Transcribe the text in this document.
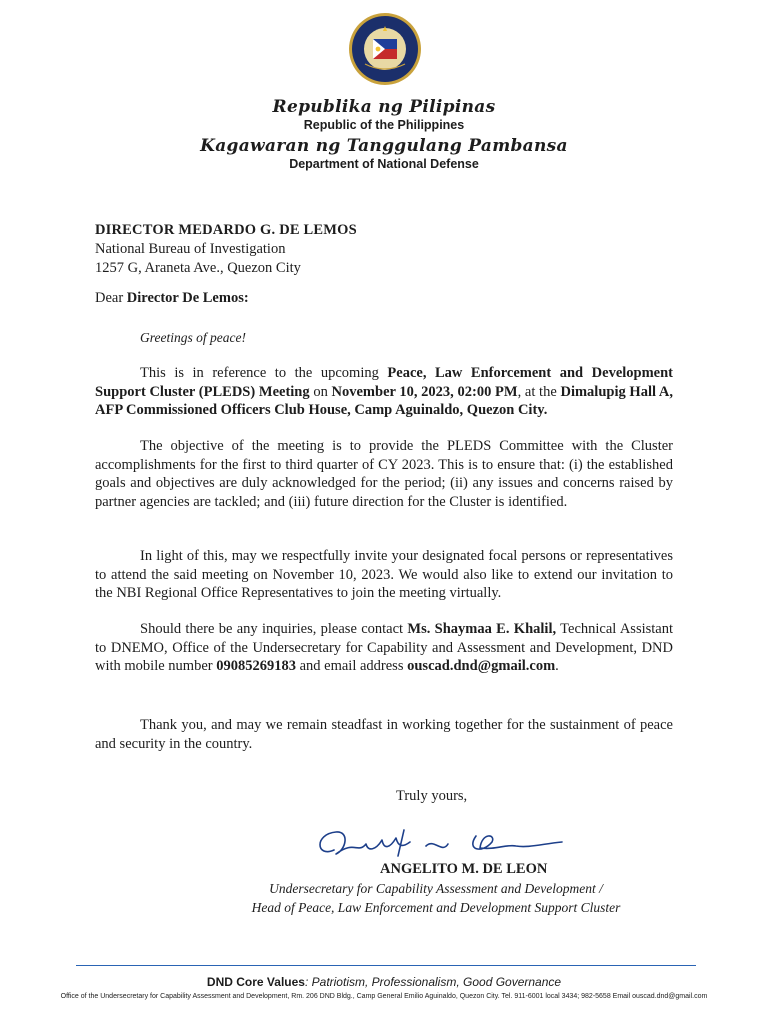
Republika ng Pilipinas
Republic of the Philippines
Kagawaran ng Tanggulang Pambansa
Department of National Defense
DIRECTOR MEDARDO G. DE LEMOS
National Bureau of Investigation
1257 G, Araneta Ave., Quezon City
Dear Director De Lemos:
Greetings of peace!
This is in reference to the upcoming Peace, Law Enforcement and Development Support Cluster (PLEDS) Meeting on November 10, 2023, 02:00 PM, at the Dimalupig Hall A, AFP Commissioned Officers Club House, Camp Aguinaldo, Quezon City.
The objective of the meeting is to provide the PLEDS Committee with the Cluster accomplishments for the first to third quarter of CY 2023. This is to ensure that: (i) the established goals and objectives are duly acknowledged for the period; (ii) any issues and concerns raised by partner agencies are tackled; and (iii) future direction for the Cluster is identified.
In light of this, may we respectfully invite your designated focal persons or representatives to attend the said meeting on November 10, 2023. We would also like to extend our invitation to the NBI Regional Office Representatives to join the meeting virtually.
Should there be any inquiries, please contact Ms. Shaymaa E. Khalil, Technical Assistant to DNEMO, Office of the Undersecretary for Capability and Assessment and Development, DND with mobile number 09085269183 and email address ouscad.dnd@gmail.com.
Thank you, and may we remain steadfast in working together for the sustainment of peace and security in the country.
Truly yours,
ANGELITO M. DE LEON
Undersecretary for Capability Assessment and Development /
Head of Peace, Law Enforcement and Development Support Cluster
DND Core Values: Patriotism, Professionalism, Good Governance
Office of the Undersecretary for Capability Assessment and Development, Rm. 206 DND Bldg., Camp General Emilio Aguinaldo, Quezon City. Tel. 911-6001 local 3434; 982-5658 Email ouscad.dnd@gmail.com
